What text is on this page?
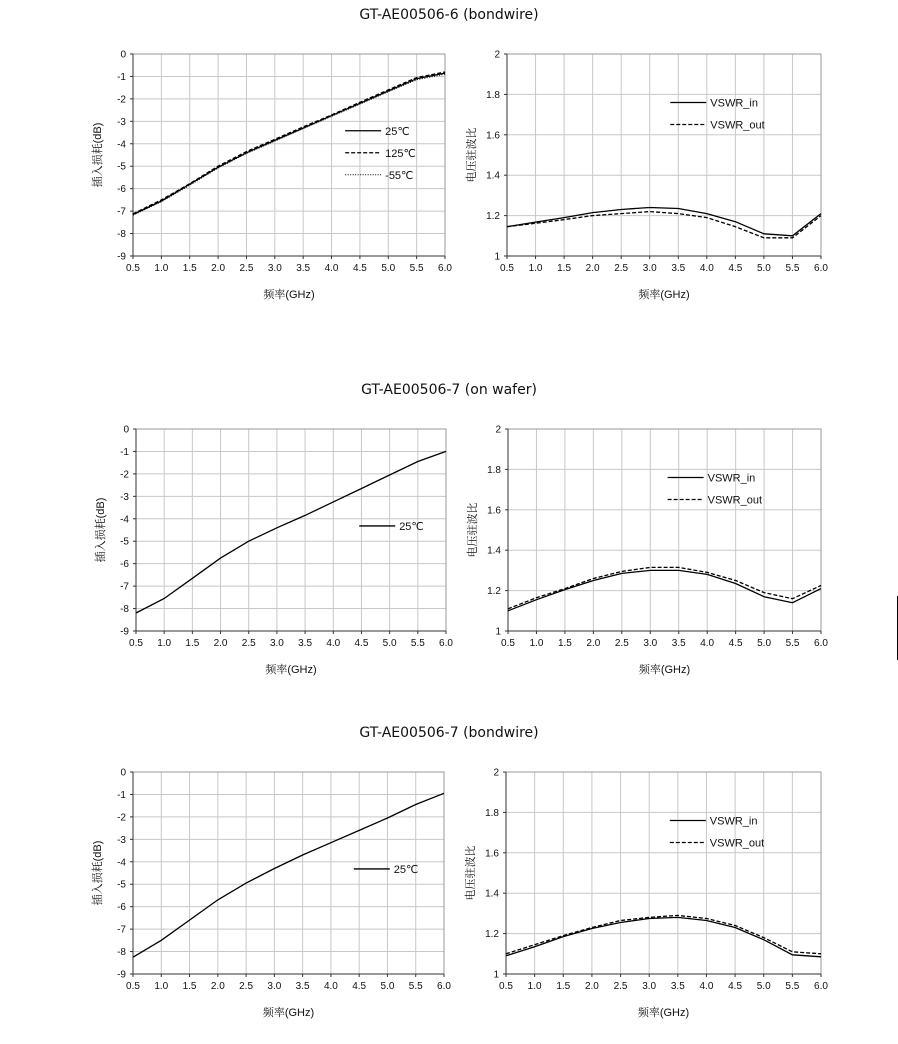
GT-AE00506-6 (bondwire)
GT-AE00506-7 (on wafer)
GT-AE00506-7 (bondwire)
0.5 1.0 1.5 2.0 2.5 3.0 3.5 4.0 4.5 5.0 5.5 6.0
0
-1
-2
-3
-4
-5
-6
-7
-8
-9
频率(GHz)
插入损耗(dB)	25℃
125℃
-55℃
0.5 1.0 1.5 2.0 2.5 3.0 3.5 4.0 4.5 5.0 5.5 6.0
2
1.8
1.6
1.4
1.2
1
频率(GHz)
电压驻波比
VSWR_in
VSWR_out
0.5 1.0 1.5 2.0 2.5 3.0 3.5 4.0 4.5 5.0 5.5 6.0
0
-1
-2
-3
-4
-5
-6
-7
-8
-9
频率(GHz)
插入损耗(dB)	25℃
0.5 1.0 1.5 2.0 2.5 3.0 3.5 4.0 4.5 5.0 5.5 6.0
2
1.8
1.6
1.4
1.2
1
频率(GHz)
电压驻波比
VSWR_in
VSWR_out
0.5 1.0 1.5 2.0 2.5 3.0 3.5 4.0 4.5 5.0 5.5 6.0
0
-1
-2
-3
-4
-5
-6
-7
-8
-9
频率(GHz)
插入损耗(dB)	25℃
0.5 1.0 1.5 2.0 2.5 3.0 3.5 4.0 4.5 5.0 5.5 6.0
2
1.8
1.6
1.4
1.2
1
频率(GHz)
电压驻波比
VSWR_in
VSWR_out
